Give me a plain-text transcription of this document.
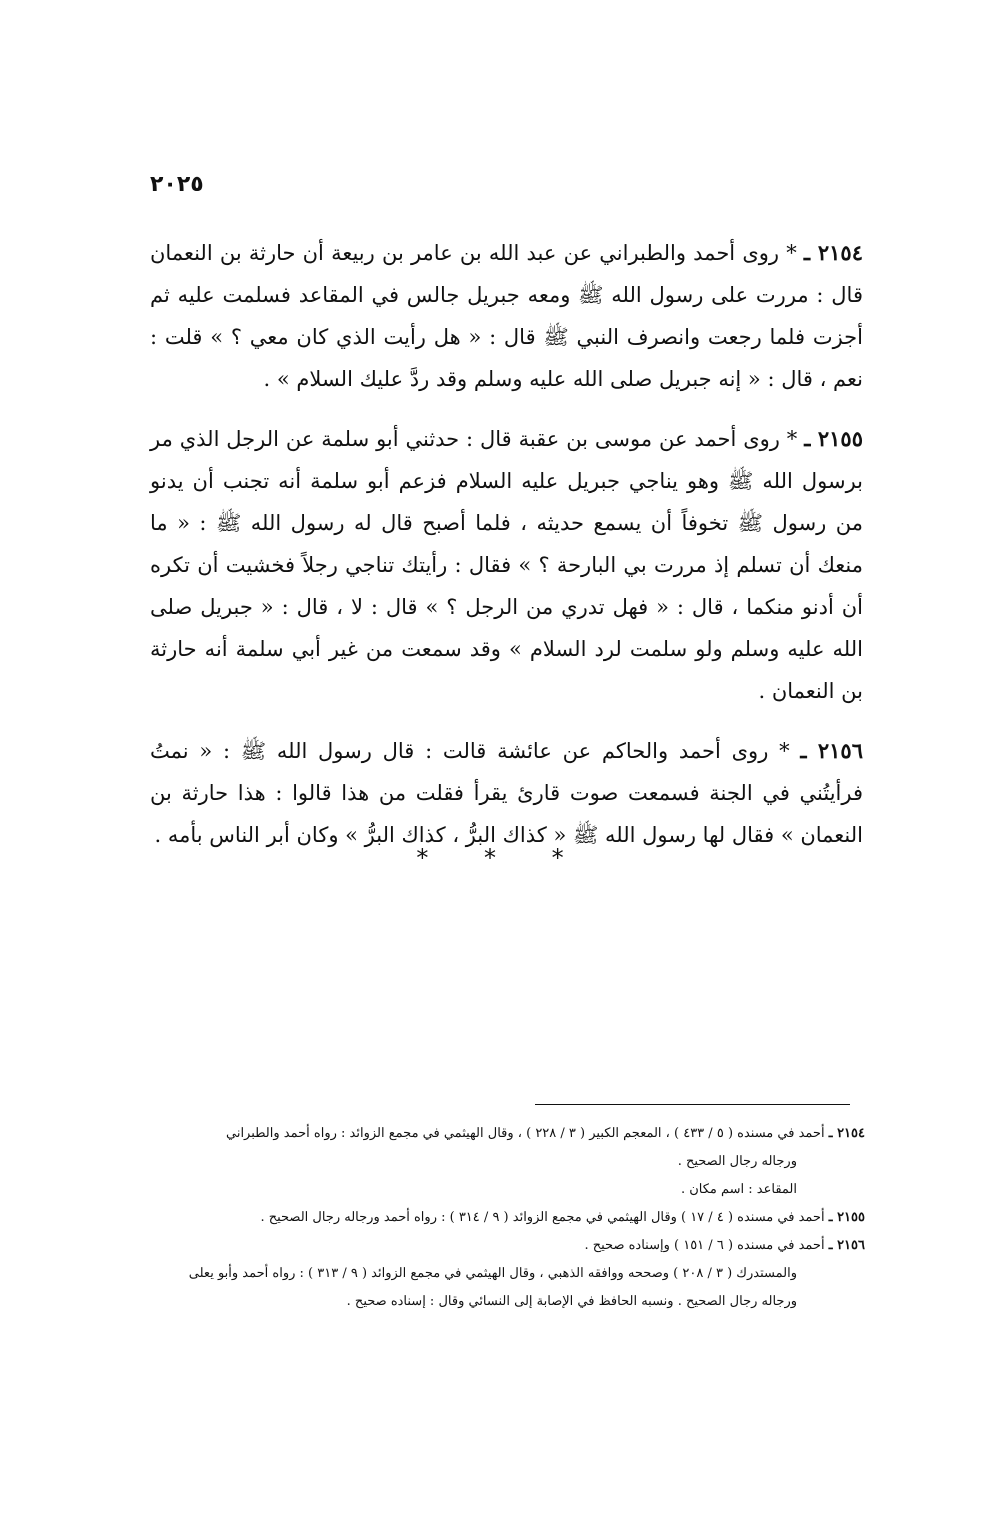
٢٠٢٥

٢١٥٤ ـ * روى أحمد والطبراني عن عبد الله بن عامر بن ربيعة أن حارثة بن النعمان قال : مررت على رسول الله ﷺ ومعه جبريل جالس في المقاعد فسلمت عليه ثم أجزت فلما رجعت وانصرف النبي ﷺ قال : « هل رأيت الذي كان معي ؟ » قلت : نعم ، قال : « إنه جبريل صلى الله عليه وسلم وقد ردَّ عليك السلام » .

٢١٥٥ ـ * روى أحمد عن موسى بن عقبة قال : حدثني أبو سلمة عن الرجل الذي مر برسول الله ﷺ وهو يناجي جبريل عليه السلام فزعم أبو سلمة أنه تجنب أن يدنو من رسول ﷺ تخوفاً أن يسمع حديثه ، فلما أصبح قال له رسول الله ﷺ : « ما منعك أن تسلم إذ مررت بي البارحة ؟ » فقال : رأيتك تناجي رجلاً فخشيت أن تكره أن أدنو منكما ، قال : « فهل تدري من الرجل ؟ » قال : لا ، قال : « جبريل صلى الله عليه وسلم ولو سلمت لرد السلام » وقد سمعت من غير أبي سلمة أنه حارثة بن النعمان .

٢١٥٦ ـ * روى أحمد والحاكم عن عائشة قالت : قال رسول الله ﷺ : « نمتُ فرأيتُني في الجنة فسمعت صوت قارئ يقرأ فقلت من هذا قالوا : هذا حارثة بن النعمان » فقال لها رسول الله ﷺ « كذاك البرُّ ، كذاك البرُّ » وكان أبر الناس بأمه .

* * *

٢١٥٤ ـ أحمد في مسنده ( ٥ / ٤٣٣ ) ، المعجم الكبير ( ٣ / ٢٢٨ ) ، وقال الهيثمي في مجمع الزوائد : رواه أحمد والطبراني

ورجاله رجال الصحيح .

المقاعد : اسم مكان .

٢١٥٥ ـ أحمد في مسنده ( ٤ / ١٧ ) وقال الهيثمي في مجمع الزوائد ( ٩ / ٣١٤ ) : رواه أحمد ورجاله رجال الصحيح .

٢١٥٦ ـ أحمد في مسنده ( ٦ / ١٥١ ) وإسناده صحيح .

والمستدرك ( ٣ / ٢٠٨ ) وصححه ووافقه الذهبي ، وقال الهيثمي في مجمع الزوائد ( ٩ / ٣١٣ ) : رواه أحمد وأبو يعلى

ورجاله رجال الصحيح . ونسبه الحافظ في الإصابة إلى النسائي وقال : إسناده صحيح .
